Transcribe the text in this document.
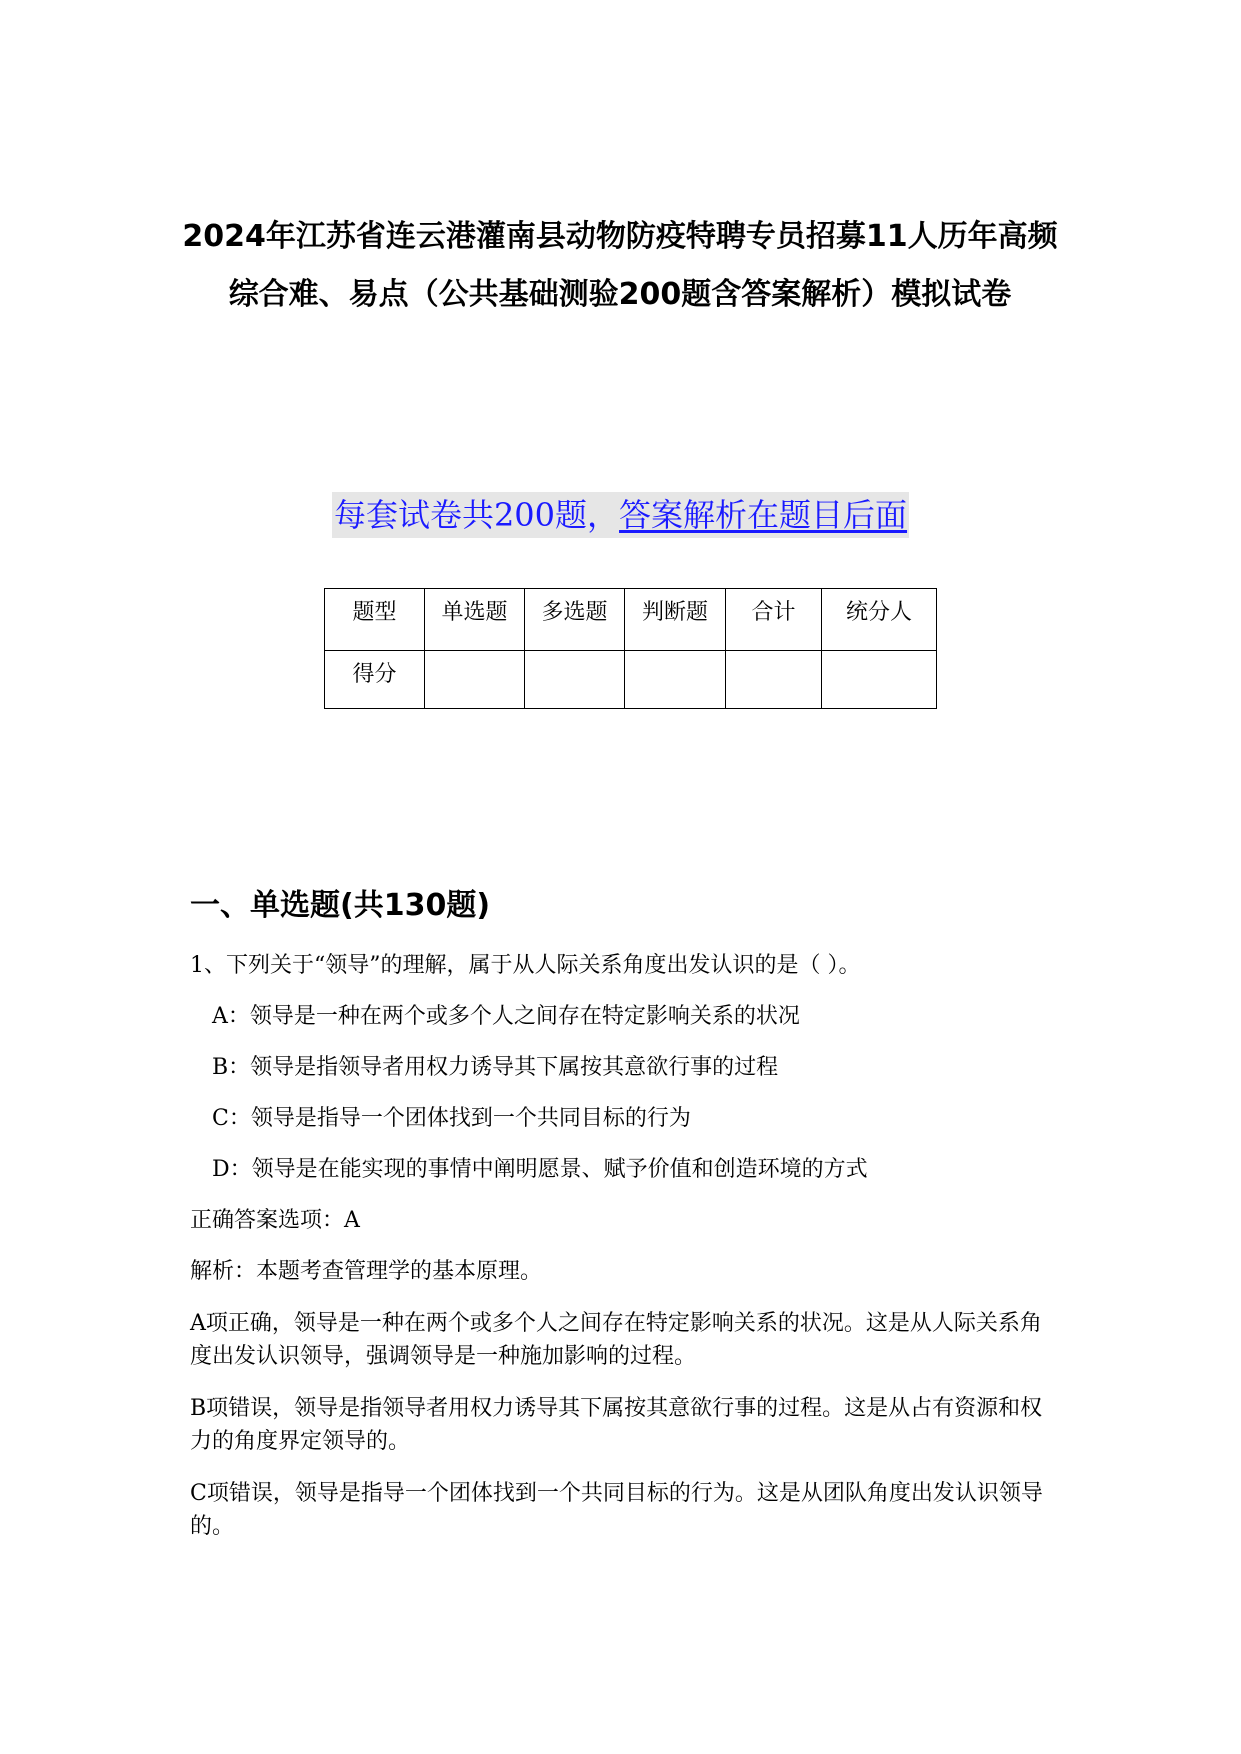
2024年江苏省连云港灌南县动物防疫特聘专员招募11人历年高频综合难、易点（公共基础测验200题含答案解析）模拟试卷
每套试卷共200题，答案解析在题目后面
题型	单选题	多选题	判断题	合计	统分人
得分					
一、单选题(共130题)
1、下列关于“领导”的理解，属于从人际关系角度出发认识的是（ ）。
A：领导是一种在两个或多个人之间存在特定影响关系的状况
B：领导是指领导者用权力诱导其下属按其意欲行事的过程
C：领导是指导一个团体找到一个共同目标的行为
D：领导是在能实现的事情中阐明愿景、赋予价值和创造环境的方式
正确答案选项：A
解析：本题考查管理学的基本原理。
A项正确，领导是一种在两个或多个人之间存在特定影响关系的状况。这是从人际关系角度出发认识领导，强调领导是一种施加影响的过程。
B项错误，领导是指领导者用权力诱导其下属按其意欲行事的过程。这是从占有资源和权力的角度界定领导的。
C项错误，领导是指导一个团体找到一个共同目标的行为。这是从团队角度出发认识领导的。
